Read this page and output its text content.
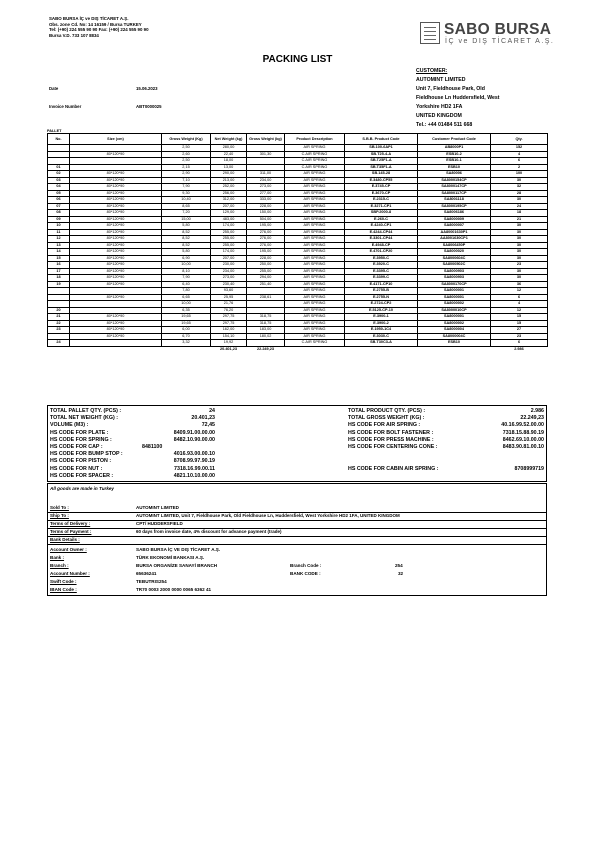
SABO BURSA İÇ ve DIŞ TİCARET A.Ş.
Obs. zone Cd. No: 14 16159 / Bursa TURKEY
Tel: (+90) 224 555 90 90 Fax: (+90) 224 555 90 90
Bursa V.D. 733 107 8834	SABO BURSA
İÇ ve DIŞ TİCARET A.Ş.
PACKING LIST
Date	15.06.2023
Invoice Number	ABT0000025
CUSTOMER:
AUTOMINT LIMITED
Unit 7, Fieldhouse Park, Old
Fieldhouse Ln Huddersfield, West
Yorkshire HD2 1FA
UNITED KINGDOM
Tel.: +44 01484 511 668
PALLET
No.	Size (cm)	Gross Weight (Kg)	Net Weight (kg)	Gross Weight (kg)	Product Description	S.B.B. Product Code	Customer Product Code	Qty.
		2,50	280,00		AIR SPRING	SB.100-6AP1	AB8000P1	152
	80*120*90	2,60	22,40	301,30	C.AIR SPRING	SB.T25-4-A	ESB10-2	4
		2,50	18,00		C.AIR SPRING	SB.T25F1-A	ESB10-1	6
01		2,15	13,00		C.AIR SPRING	SB.T35F1-A	ESB10	2
02	80*120*90	2,90	290,00	311,00	AIR SPRING	SB.145-28	SA80006	100
03	80*120*90	7,10	213,00	234,00	AIR SPRING	E.3480-CP55	SA8000154CP	30
04	80*120*90	7,90	252,00	273,00	AIR SPRING	E.3745-CP	SA8000147CP	32
05	80*120*90	9,30	256,00	277,00	AIR SPRING	E.3670-CP	SA8000117CP	28
06	80*120*90	10,40	312,00	333,00	AIR SPRING	E.2315-C	SA8001118	30
07	80*120*90	8,65	207,00	228,00	AIR SPRING	E.3271-CP1	SA8000195CP	24
08	80*120*90	7,20	129,00	150,00	AIR SPRING	SBP.2000-8	SA8006186	18
09	80*120*90	15,00	483,00	504,00	AIR SPRING	E.260-C	SA8000009	21
10	80*120*90	5,80	174,00	195,00	AIR SPRING	E.4240-CP1	SA8000007	30
11	80*120*90	8,52	255,00	276,00	AIR SPRING	E.4244-CP44	AA80001630P1	30
12	80*120*90	8,52	255,00	276,00	AIR SPRING	E.3301-CP44	AA8001630CP1	30
13	80*120*90	8,52	255,00	276,00	AIR SPRING	E.4948-CP	SA8006450P	30
14	80*120*90	5,80	174,00	195,00	AIR SPRING	E.4701-CP20	SA8000020	30
15	80*120*90	6,90	207,00	228,00	AIR SPRING	E.3950-C	SA8000604C	30
16	80*120*90	10,00	230,00	250,00	AIR SPRING	E.3920-C	SA8000502C	23
17	80*120*90	8,10	234,00	255,00	AIR SPRING	E.3395-C	SA8000903	30
18	80*120*90	7,90	273,00	294,00	AIR SPRING	E.3399-C	SA8000903	30
19	80*120*90	6,40	230,40	251,40	AIR SPRING	E.4171-CP10	SA8000170CP	36
		7,80	93,60		AIR SPRING	E.2755-B	SA8000001	12
	80*120*90	6,65	25,95	238,61	AIR SPRING	E.2755-N	SA8000001	6
		10,00	21,76		AIR SPRING	E.2724-CP2	SA8000002	4
20		6,35	76,20		AIR SPRING	E.5125-CP-10	SA8000010CP	12
21	80*120*90	19,65	297,75	318,75	AIR SPRING	E.3900-1	SA8000001	15
22	80*120*90	19,65	297,75	318,75	AIR SPRING	E.3900-2	SA8000002	15
23	80*120*90	6,00	162,00	183,00	AIR SPRING	E.1950-1C4	SA8000004	27
	80*120*90	6,70	154,10	180,02	AIR SPRING	E.3030-C	SA8000004C	23
24		3,32	19,92		C.AIR SPRING	SB.T30C3-A	ESB10	6
			20.401,23	22.249,23				2.986
TOTAL PALLET QTY. (PCS) :	24
TOTAL NET WEIGHT (KG) :	20.401,23
VOLUME (M3) :	72,45
HS CODE FOR PLATE :	8409.91.00.00.00
HS CODE FOR SPRING :	8482.10.90.00.00
HS CODE FOR CAP :	8481100
HS CODE FOR BUMP STOP :	4016.93.00.00.10
HS CODE FOR PISTON :	8708.99.97.90.19
HS CODE FOR NUT :	7318.16.99.00.11
HS CODE FOR SPACER :	4821.10.10.00.00
TOTAL PRODUCT QTY. (PCS) :	2.986
TOTAL GROSS WEIGHT (KG) :	22.249,23
HS CODE FOR AIR SPRING :	40.16.99.52.00.00
HS CODE FOR BOLT FASTENER :	7318.15.88.90.19
HS CODE FOR PRESS MACHINE :	8462.69.10.00.00
HS CODE FOR CENTERING CONE :	8483.90.81.00.10
HS CODE FOR CABIN AIR SPRING :	8708999719
All goods are made in Turkey
Sold To :	AUTOMINT LIMITED
Ship To :	AUTOMINT LIMITED, Unit 7, Fieldhouse Park, Old Fieldhouse Ln, Huddersfield, West Yorkshire HD2 1FA, UNITED KINGDOM
Terms of Delivery :	CPT/ HUDDERSFIELD
Terms of Payment :	60 days from invoice date, 4% discount for advance payment (trade)
Bank Details :
Account Owner :	SABO BURSA İÇ VE DIŞ TİCARET A.Ş.
Bank :	TÜRK EKONOMİ BANKASI A.Ş.
Branch :	BURSA ORGANİZE SANAYİ BRANCH	Branch Code :	254
Account Number :	65636241	BANK CODE :	32
Swift Code :	TEBUTRIS254
IBAN Code :	TR70 0003 2000 0000 0065 6362 41
